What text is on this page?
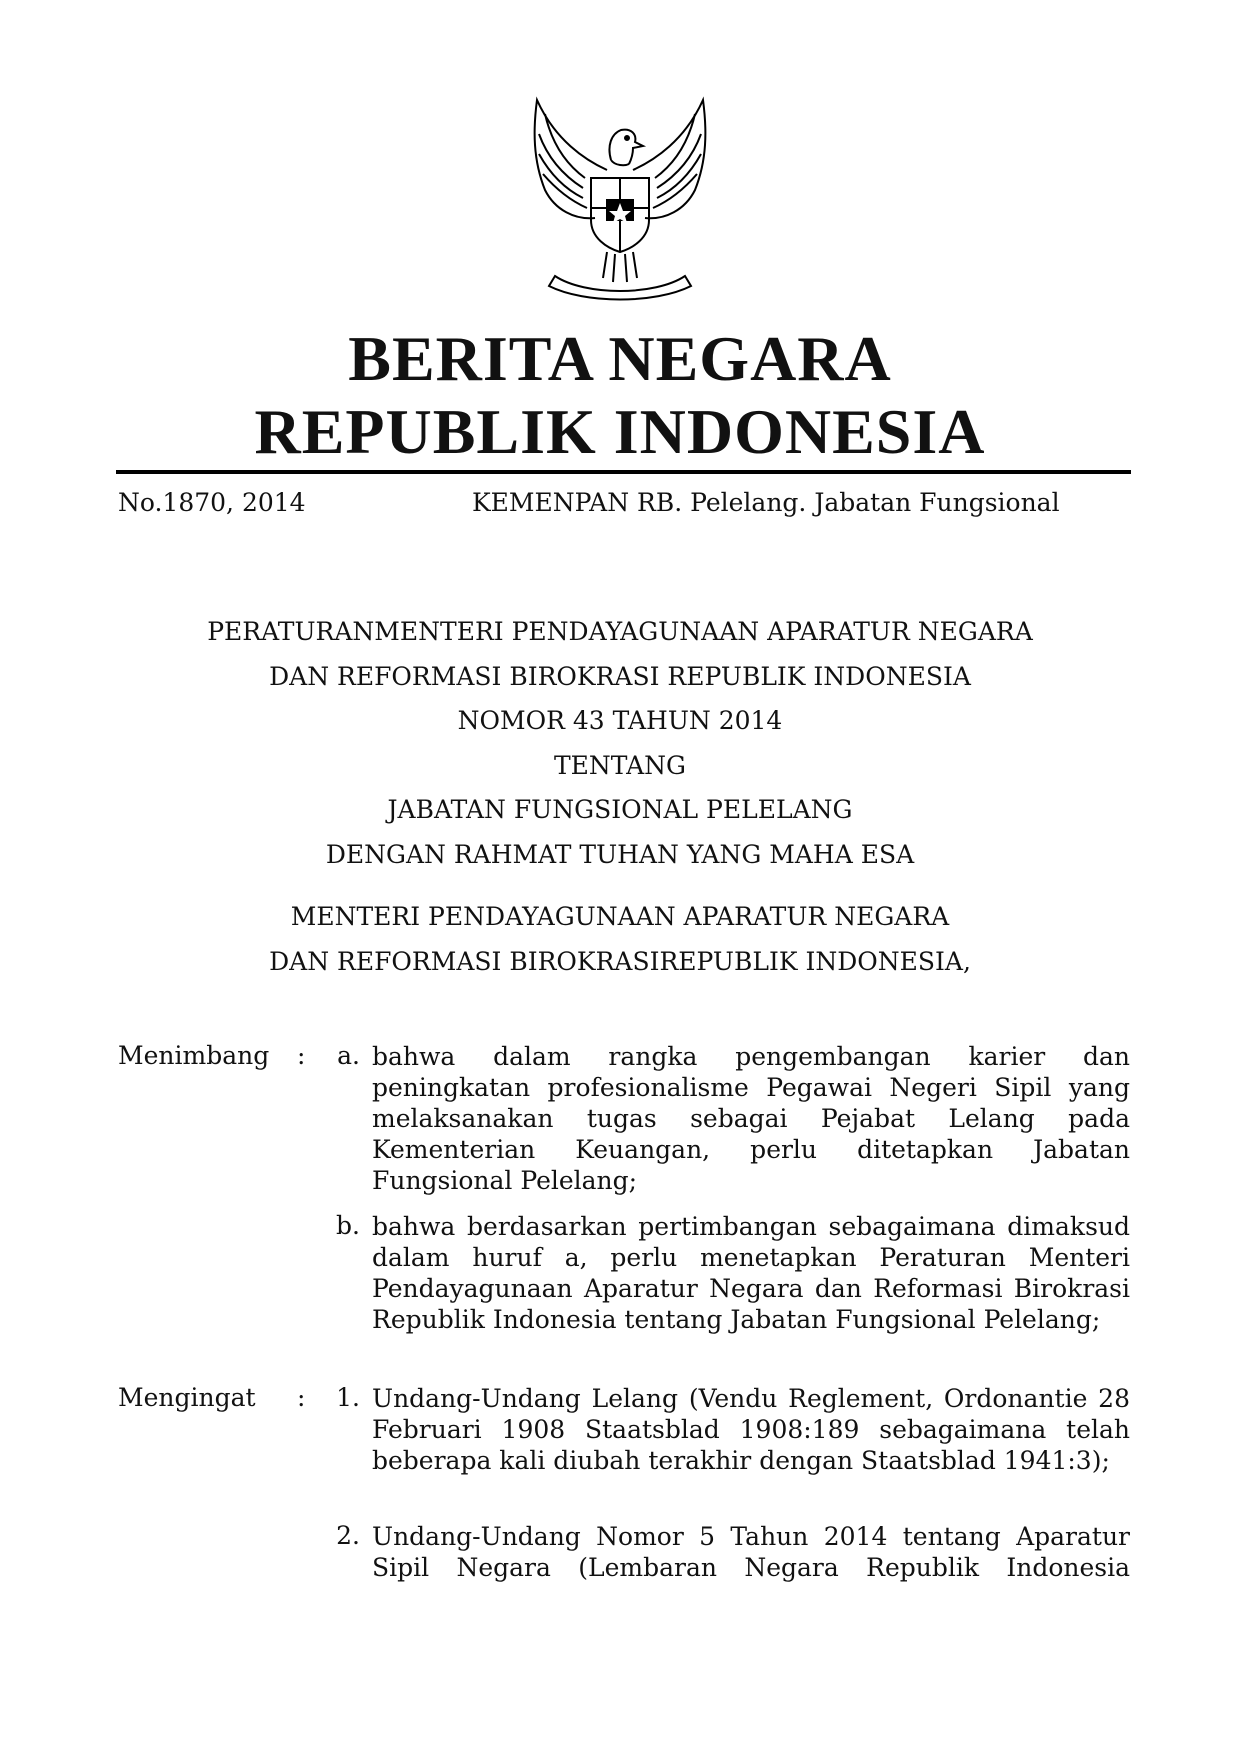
BERITA NEGARA
REPUBLIK INDONESIA
No.1870, 2014	KEMENPAN RB. Pelelang. Jabatan Fungsional
PERATURANMENTERI PENDAYAGUNAAN APARATUR NEGARA
DAN REFORMASI BIROKRASI REPUBLIK INDONESIA
NOMOR 43 TAHUN 2014
TENTANG
JABATAN FUNGSIONAL PELELANG
DENGAN RAHMAT TUHAN YANG MAHA ESA
MENTERI PENDAYAGUNAAN APARATUR NEGARA
DAN REFORMASI BIROKRASIREPUBLIK INDONESIA,
Menimbang :	a. bahwa dalam rangka pengembangan karier dan peningkatan profesionalisme Pegawai Negeri Sipil yang melaksanakan tugas sebagai Pejabat Lelang pada Kementerian Keuangan, perlu ditetapkan Jabatan Fungsional Pelelang;
b. bahwa berdasarkan pertimbangan sebagaimana dimaksud dalam huruf a, perlu menetapkan Peraturan Menteri Pendayagunaan Aparatur Negara dan Reformasi Birokrasi Republik Indonesia tentang Jabatan Fungsional Pelelang;
Mengingat :	1. Undang-Undang Lelang (Vendu Reglement, Ordonantie 28 Februari 1908 Staatsblad 1908:189 sebagaimana telah beberapa kali diubah terakhir dengan Staatsblad 1941:3);
2. Undang-Undang Nomor 5 Tahun 2014 tentang Aparatur Sipil Negara (Lembaran Negara Republik Indonesia
